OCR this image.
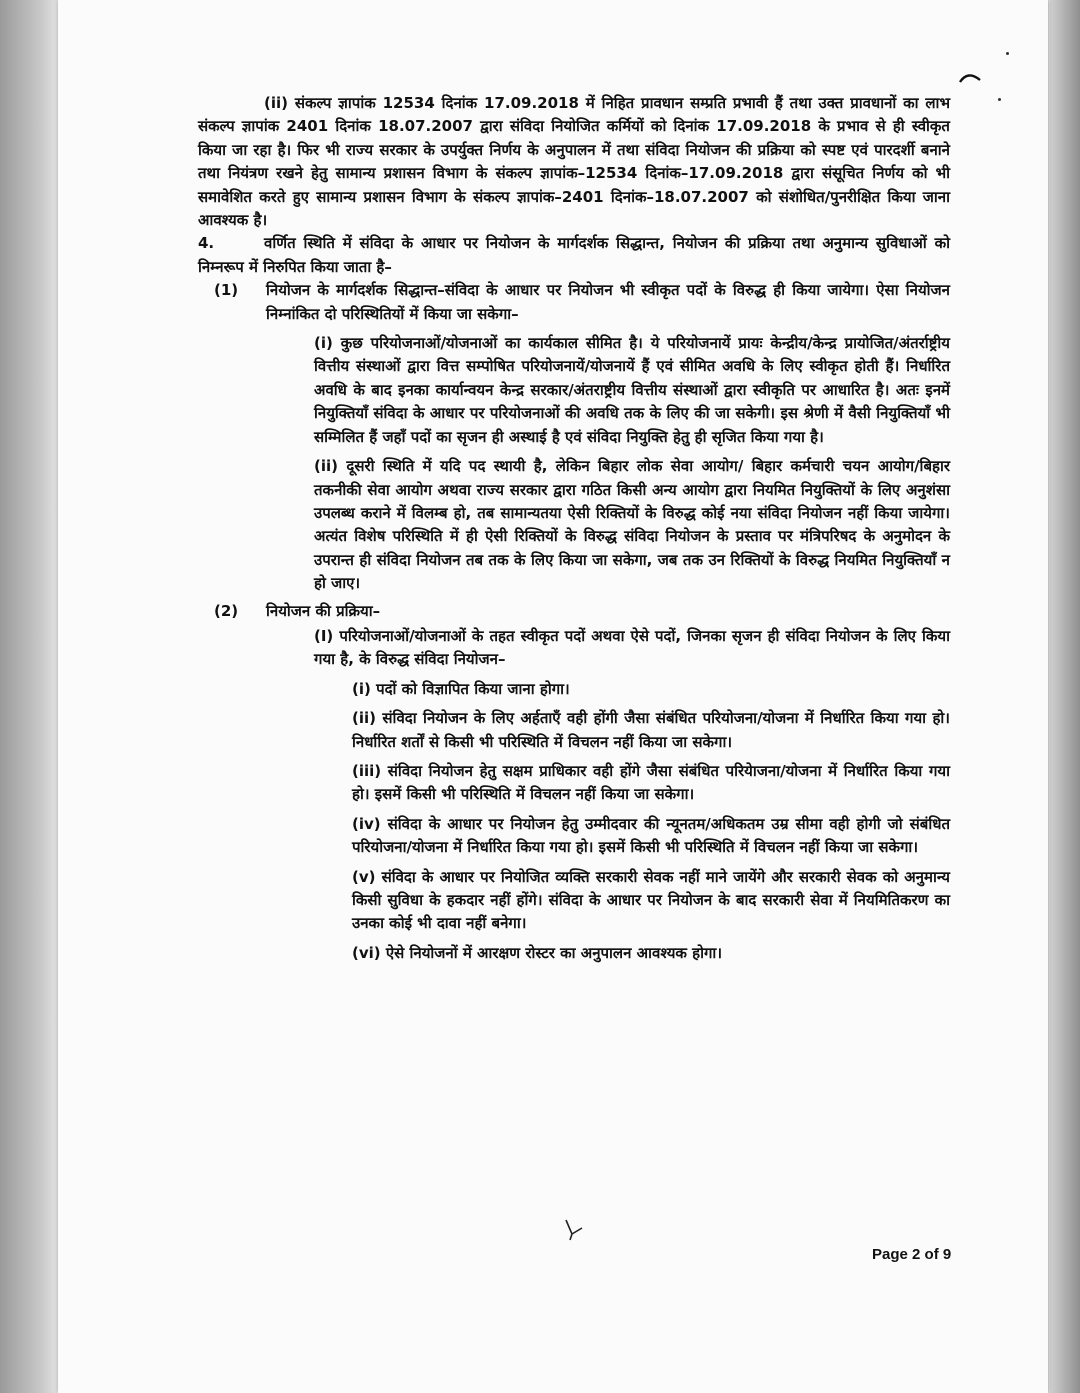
Page 2 of 9

(ii) संकल्प ज्ञापांक 12534 दिनांक 17.09.2018 में निहित प्रावधान सम्प्रति प्रभावी हैं तथा उक्त प्रावधानों का लाभ संकल्प ज्ञापांक 2401 दिनांक 18.07.2007 द्वारा संविदा नियोजित कर्मियों को दिनांक 17.09.2018 के प्रभाव से ही स्वीकृत किया जा रहा है। फिर भी राज्य सरकार के उपर्युक्त निर्णय के अनुपालन में तथा संविदा नियोजन की प्रक्रिया को स्पष्ट एवं पारदर्शी बनाने तथा नियंत्रण रखने हेतु सामान्य प्रशासन विभाग के संकल्प ज्ञापांक–12534 दिनांक–17.09.2018 द्वारा संसूचित निर्णय को भी समावेशित करते हुए सामान्य प्रशासन विभाग के संकल्प ज्ञापांक–2401 दिनांक–18.07.2007 को संशोधित/पुनरीक्षित किया जाना आवश्यक है।

4.	वर्णित स्थिति में संविदा के आधार पर नियोजन के मार्गदर्शक सिद्धान्त, नियोजन की प्रक्रिया तथा अनुमान्य सुविधाओं को निम्नरूप में निरुपित किया जाता है–

(1) नियोजन के मार्गदर्शक सिद्धान्त–संविदा के आधार पर नियोजन भी स्वीकृत पदों के विरुद्ध ही किया जायेगा। ऐसा नियोजन निम्नांकित दो परिस्थितियों में किया जा सकेगा–

(i) कुछ परियोजनाओं/योजनाओं का कार्यकाल सीमित है। ये परियोजनायें प्रायः केन्द्रीय/केन्द्र प्रायोजित/अंतर्राष्ट्रीय वित्तीय संस्थाओं द्वारा वित्त सम्पोषित परियोजनायें/योजनायें हैं एवं सीमित अवधि के लिए स्वीकृत होती हैं। निर्धारित अवधि के बाद इनका कार्यान्वयन केन्द्र सरकार/अंतराष्ट्रीय वित्तीय संस्थाओं द्वारा स्वीकृति पर आधारित है। अतः इनमें नियुक्तियाँ संविदा के आधार पर परियोजनाओं की अवधि तक के लिए की जा सकेगी। इस श्रेणी में वैसी नियुक्तियाँ भी सम्मिलित हैं जहाँ पदों का सृजन ही अस्थाई है एवं संविदा नियुक्ति हेतु ही सृजित किया गया है।

(ii) दूसरी स्थिति में यदि पद स्थायी है, लेकिन बिहार लोक सेवा आयोग/ बिहार कर्मचारी चयन आयोग/बिहार तकनीकी सेवा आयोग अथवा राज्य सरकार द्वारा गठित किसी अन्य आयोग द्वारा नियमित नियुक्तियों के लिए अनुशंसा उपलब्ध कराने में विलम्ब हो, तब सामान्यतया ऐसी रिक्तियों के विरुद्ध कोई नया संविदा नियोजन नहीं किया जायेगा। अत्यंत विशेष परिस्थिति में ही ऐसी रिक्तियों के विरुद्ध संविदा नियोजन के प्रस्ताव पर मंत्रिपरिषद के अनुमोदन के उपरान्त ही संविदा नियोजन तब तक के लिए किया जा सकेगा, जब तक उन रिक्तियों के विरुद्ध नियमित नियुक्तियाँ न हो जाए।

(2) नियोजन की प्रक्रिया–

(I) परियोजनाओं/योजनाओं के तहत स्वीकृत पदों अथवा ऐसे पदों, जिनका सृजन ही संविदा नियोजन के लिए किया गया है, के विरुद्ध संविदा नियोजन–

(i) पदों को विज्ञापित किया जाना होगा।

(ii) संविदा नियोजन के लिए अर्हताएँ वही होंगी जैसा संबंधित परियोजना/योजना में निर्धारित किया गया हो। निर्धारित शर्तों से किसी भी परिस्थिति में विचलन नहीं किया जा सकेगा।

(iii) संविदा नियोजन हेतु सक्षम प्राधिकार वही होंगे जैसा संबंधित परियेाजना/योजना में निर्धारित किया गया हो। इसमें किसी भी परिस्थिति में विचलन नहीं किया जा सकेगा।

(iv) संविदा के आधार पर नियोजन हेतु उम्मीदवार की न्यूनतम/अधिकतम उम्र सीमा वही होगी जो संबंधित परियोजना/योजना में निर्धारित किया गया हो। इसमें किसी भी परिस्थिति में विचलन नहीं किया जा सकेगा।

(v) संविदा के आधार पर नियोजित व्यक्ति सरकारी सेवक नहीं माने जायेंगे और सरकारी सेवक को अनुमान्य किसी सुविधा के हकदार नहीं होंगे। संविदा के आधार पर नियोजन के बाद सरकारी सेवा में नियमितिकरण का उनका कोई भी दावा नहीं बनेगा।

(vi) ऐसे नियोजनों में आरक्षण रोस्टर का अनुपालन आवश्यक होगा।
